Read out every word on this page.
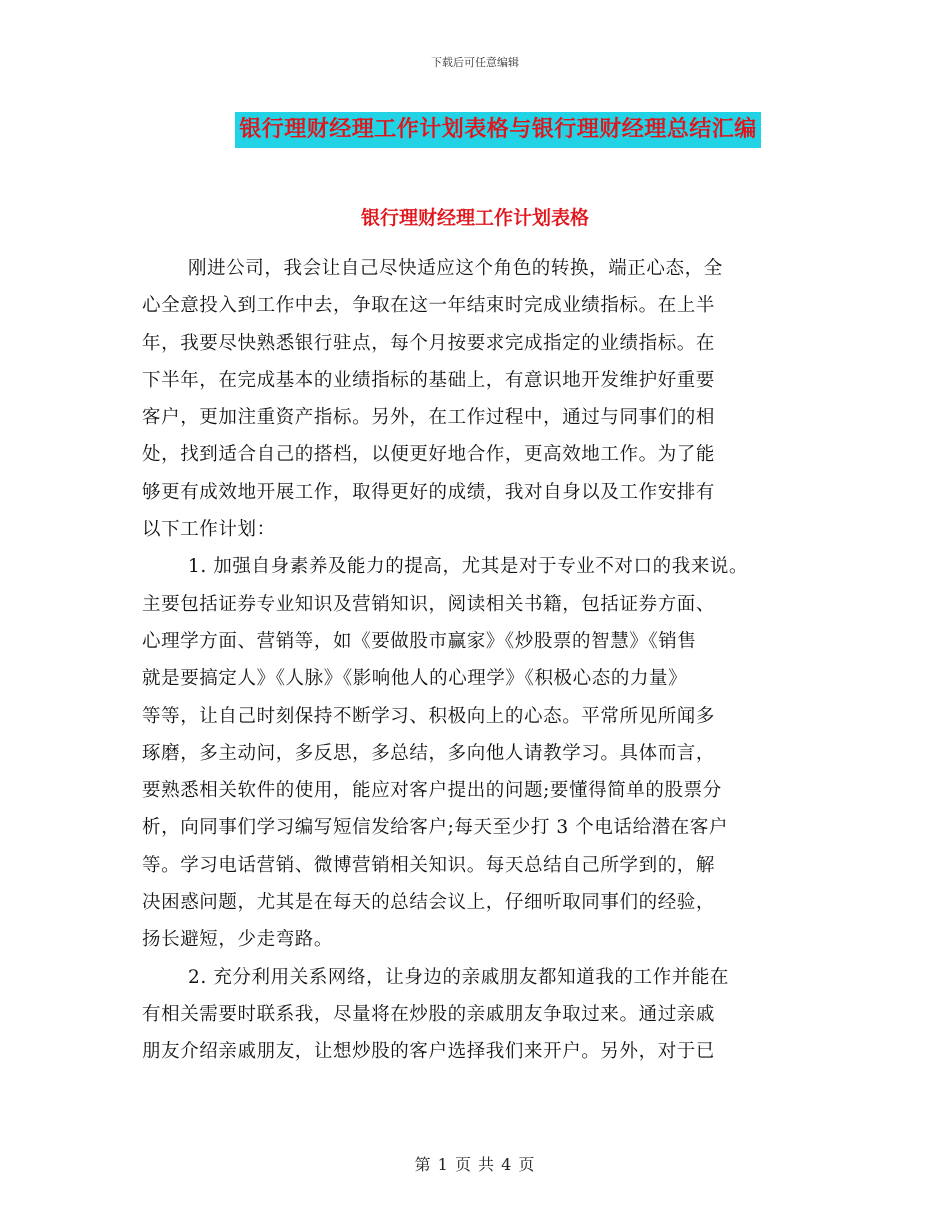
下载后可任意编辑
银行理财经理工作计划表格与银行理财经理总结汇编
银行理财经理工作计划表格
刚进公司，我会让自己尽快适应这个角色的转换，端正心态，全
心全意投入到工作中去，争取在这一年结束时完成业绩指标。在上半
年，我要尽快熟悉银行驻点，每个月按要求完成指定的业绩指标。在
下半年，在完成基本的业绩指标的基础上，有意识地开发维护好重要
客户，更加注重资产指标。另外，在工作过程中，通过与同事们的相
处，找到适合自己的搭档，以便更好地合作，更高效地工作。为了能
够更有成效地开展工作，取得更好的成绩，我对自身以及工作安排有
以下工作计划：
1. 加强自身素养及能力的提高，尤其是对于专业不对口的我来说。
主要包括证券专业知识及营销知识，阅读相关书籍，包括证券方面、
心理学方面、营销等，如《要做股市赢家》《炒股票的智慧》《销售
就是要搞定人》《人脉》《影响他人的心理学》《积极心态的力量》
等等，让自己时刻保持不断学习、积极向上的心态。平常所见所闻多
琢磨，多主动问，多反思，多总结，多向他人请教学习。具体而言，
要熟悉相关软件的使用，能应对客户提出的问题;要懂得简单的股票分
析，向同事们学习编写短信发给客户;每天至少打 3 个电话给潜在客户
等。学习电话营销、微博营销相关知识。每天总结自己所学到的，解
决困惑问题，尤其是在每天的总结会议上，仔细听取同事们的经验，
扬长避短，少走弯路。
2. 充分利用关系网络，让身边的亲戚朋友都知道我的工作并能在
有相关需要时联系我，尽量将在炒股的亲戚朋友争取过来。通过亲戚
朋友介绍亲戚朋友，让想炒股的客户选择我们来开户。另外，对于已
第 1 页 共 4 页
